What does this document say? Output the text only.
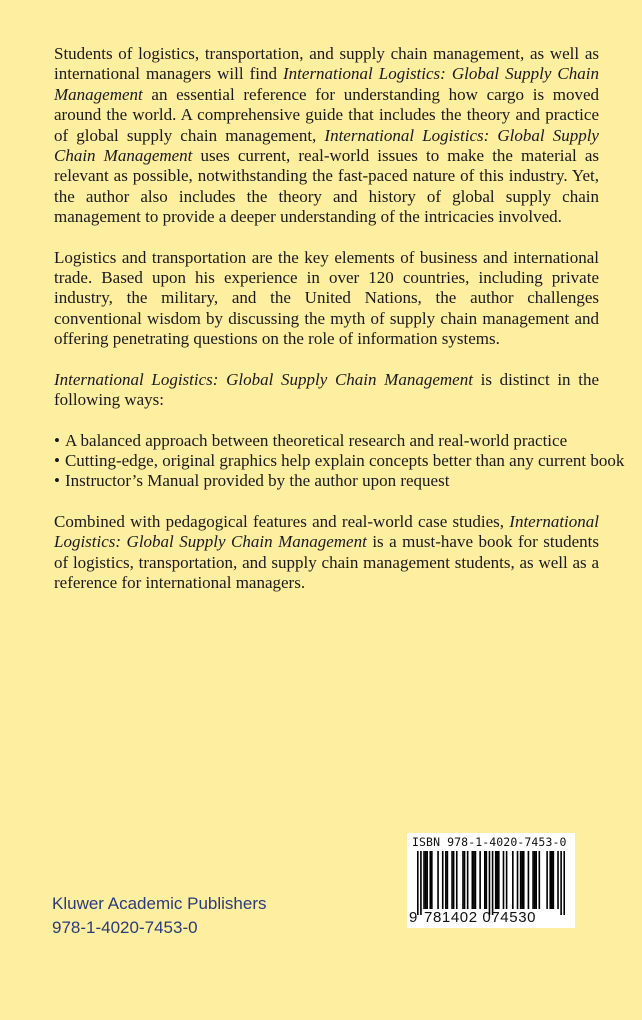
Students of logistics, transportation, and supply chain management, as well as international managers will find International Logistics: Global Supply Chain Management an essential reference for understanding how cargo is moved around the world. A comprehensive guide that includes the theory and practice of global supply chain management, International Logistics: Global Supply Chain Management uses current, real-world issues to make the material as relevant as possible, notwithstanding the fast-paced nature of this industry. Yet, the author also includes the theory and history of global supply chain management to provide a deeper understanding of the intricacies involved.

Logistics and transportation are the key elements of business and international trade. Based upon his experience in over 120 countries, including private industry, the military, and the United Nations, the author challenges conventional wisdom by discussing the myth of supply chain management and offering penetrating questions on the role of information systems.

International Logistics: Global Supply Chain Management is distinct in the following ways:

• A balanced approach between theoretical research and real-world practice
• Cutting-edge, original graphics help explain concepts better than any current book
• Instructor’s Manual provided by the author upon request

Combined with pedagogical features and real-world case studies, International Logistics: Global Supply Chain Management is a must-have book for students of logistics, transportation, and supply chain management students, as well as a reference for international managers.

Kluwer Academic Publishers
978-1-4020-7453-0
ISBN 978-1-4020-7453-0
9 781402 074530
